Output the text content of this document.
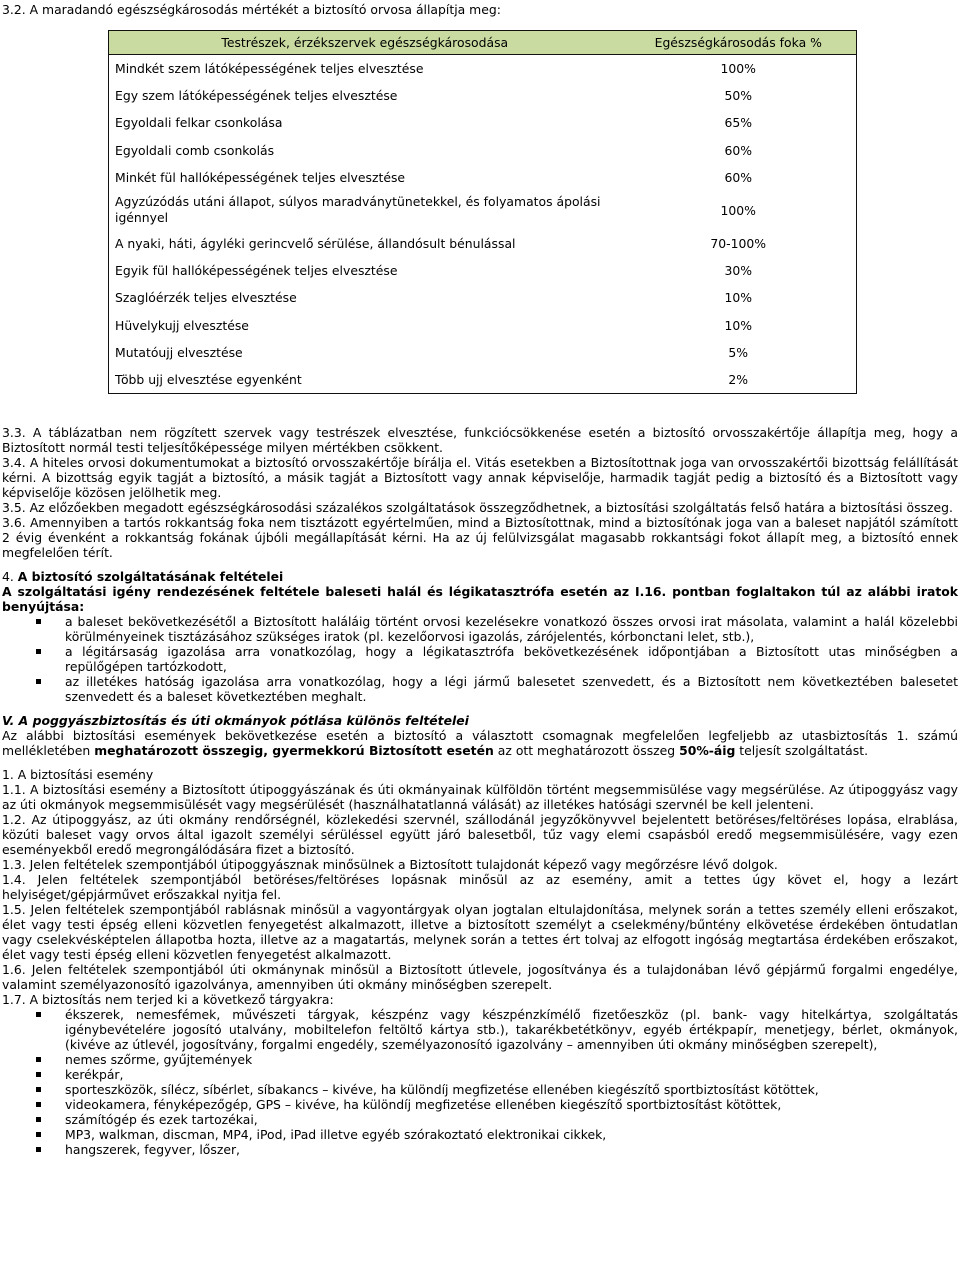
3.2. A maradandó egészségkárosodás mértékét a biztosító orvosa állapítja meg:
Testrészek, érzékszervek egészségkárosodása	Egészségkárosodás foka %
Mindkét szem látóképességének teljes elvesztése	100%
Egy szem látóképességének teljes elvesztése	50%
Egyoldali felkar csonkolása	65%
Egyoldali comb csonkolás	60%
Minkét fül hallóképességének teljes elvesztése	60%
Agyzúzódás utáni állapot, súlyos maradványtünetekkel, és folyamatos ápolási igénnyel	100%
A nyaki, háti, ágyléki gerincvelő sérülése, állandósult bénulással	70-100%
Egyik fül hallóképességének teljes elvesztése	30%
Szaglóérzék teljes elvesztése	10%
Hüvelykujj elvesztése	10%
Mutatóujj elvesztése	5%
Több ujj elvesztése egyenként	2%

3.3. A táblázatban nem rögzített szervek vagy testrészek elvesztése, funkciócsökkenése esetén a biztosító orvosszakértője állapítja meg, hogy a Biztosított normál testi teljesítőképessége milyen mértékben csökkent.

3.4. A hiteles orvosi dokumentumokat a biztosító orvosszakértője bírálja el. Vitás esetekben a Biztosítottnak joga van orvosszakértői bizottság felállítását kérni. A bizottság egyik tagját a biztosító, a másik tagját a Biztosított vagy annak képviselője, harmadik tagját pedig a biztosító és a Biztosított vagy képviselője közösen jelölhetik meg.

3.5. Az előzőekben megadott egészségkárosodási százalékos szolgáltatások összegződhetnek, a biztosítási szolgáltatás felső határa a biztosítási összeg.

3.6. Amennyiben a tartós rokkantság foka nem tisztázott egyértelműen, mind a Biztosítottnak, mind a biztosítónak joga van a baleset napjától számított 2 évig évenként a rokkantság fokának újbóli megállapítását kérni. Ha az új felülvizsgálat magasabb rokkantsági fokot állapít meg, a biztosító ennek megfelelően térít.

4. A biztosító szolgáltatásának feltételei

A szolgáltatási igény rendezésének feltétele baleseti halál és légikatasztrófa esetén az I.16. pontban foglaltakon túl az alábbi iratok benyújtása:

a baleset bekövetkezésétől a Biztosított haláláig történt orvosi kezelésekre vonatkozó összes orvosi irat másolata, valamint a halál közelebbi körülményeinek tisztázásához szükséges iratok (pl. kezelőorvosi igazolás, zárójelentés, kórbonctani lelet, stb.),
a légitársaság igazolása arra vonatkozólag, hogy a légikatasztrófa bekövetkezésének időpontjában a Biztosított utas minőségben a repülőgépen tartózkodott,
az illetékes hatóság igazolása arra vonatkozólag, hogy a légi jármű balesetet szenvedett, és a Biztosított nem következtében balesetet szenvedett és a baleset következtében meghalt.

V. A poggyászbiztosítás és úti okmányok pótlása különös feltételei

Az alábbi biztosítási események bekövetkezése esetén a biztosító a választott csomagnak megfelelően legfeljebb az utasbiztosítás 1. számú mellékletében meghatározott összegig, gyermekkorú Biztosított esetén az ott meghatározott összeg 50%-áig teljesít szolgáltatást.

1. A biztosítási esemény

1.1. A biztosítási esemény a Biztosított útipoggyászának és úti okmányainak külföldön történt megsemmisülése vagy megsérülése. Az útipoggyász vagy az úti okmányok megsemmisülését vagy megsérülését (használhatatlanná válását) az illetékes hatósági szervnél be kell jelenteni.

1.2. Az útipoggyász, az úti okmány rendőrségnél, közlekedési szervnél, szállodánál jegyzőkönyvvel bejelentett betöréses/feltöréses lopása, elrablása, közúti baleset vagy orvos által igazolt személyi sérüléssel együtt járó balesetből, tűz vagy elemi csapásból eredő megsemmisülésére, vagy ezen eseményekből eredő megrongálódására fizet a biztosító.

1.3. Jelen feltételek szempontjából útipoggyásznak minősülnek a Biztosított tulajdonát képező vagy megőrzésre lévő dolgok.

1.4. Jelen feltételek szempontjából betöréses/feltöréses lopásnak minősül az az esemény, amit a tettes úgy követ el, hogy a lezárt helyiséget/gépjárművet erőszakkal nyitja fel.

1.5. Jelen feltételek szempontjából rablásnak minősül a vagyontárgyak olyan jogtalan eltulajdonítása, melynek során a tettes személy elleni erőszakot, élet vagy testi épség elleni közvetlen fenyegetést alkalmazott, illetve a biztosított személyt a cselekmény/bűntény elkövetése érdekében öntudatlan vagy cselekvésképtelen állapotba hozta, illetve az a magatartás, melynek során a tettes ért tolvaj az elfogott ingóság megtartása érdekében erőszakot, élet vagy testi épség elleni közvetlen fenyegetést alkalmazott.

1.6. Jelen feltételek szempontjából úti okmánynak minősül a Biztosított útlevele, jogosítványa és a tulajdonában lévő gépjármű forgalmi engedélye, valamint személyazonosító igazolványa, amennyiben úti okmány minőségben szerepelt.

1.7. A biztosítás nem terjed ki a következő tárgyakra:

ékszerek, nemesfémek, művészeti tárgyak, készpénz vagy készpénzkímélő fizetőeszköz (pl. bank- vagy hitelkártya, szolgáltatás igénybevételére jogosító utalvány, mobiltelefon feltöltő kártya stb.), takarékbetétkönyv, egyéb értékpapír, menetjegy, bérlet, okmányok, (kivéve az útlevél, jogosítvány, forgalmi engedély, személyazonosító igazolvány – amennyiben úti okmány minőségben szerepelt),
nemes szőrme, gyűjtemények
kerékpár,
sporteszközök, sílécz, síbérlet, síbakancs – kivéve, ha különdíj megfizetése ellenében kiegészítő sportbiztosítást kötöttek,
videokamera, fényképezőgép, GPS – kivéve, ha különdíj megfizetése ellenében kiegészítő sportbiztosítást kötöttek,
számítógép és ezek tartozékai,
MP3, walkman, discman, MP4, iPod, iPad illetve egyéb szórakoztató elektronikai cikkek,
hangszerek, fegyver, lőszer,
